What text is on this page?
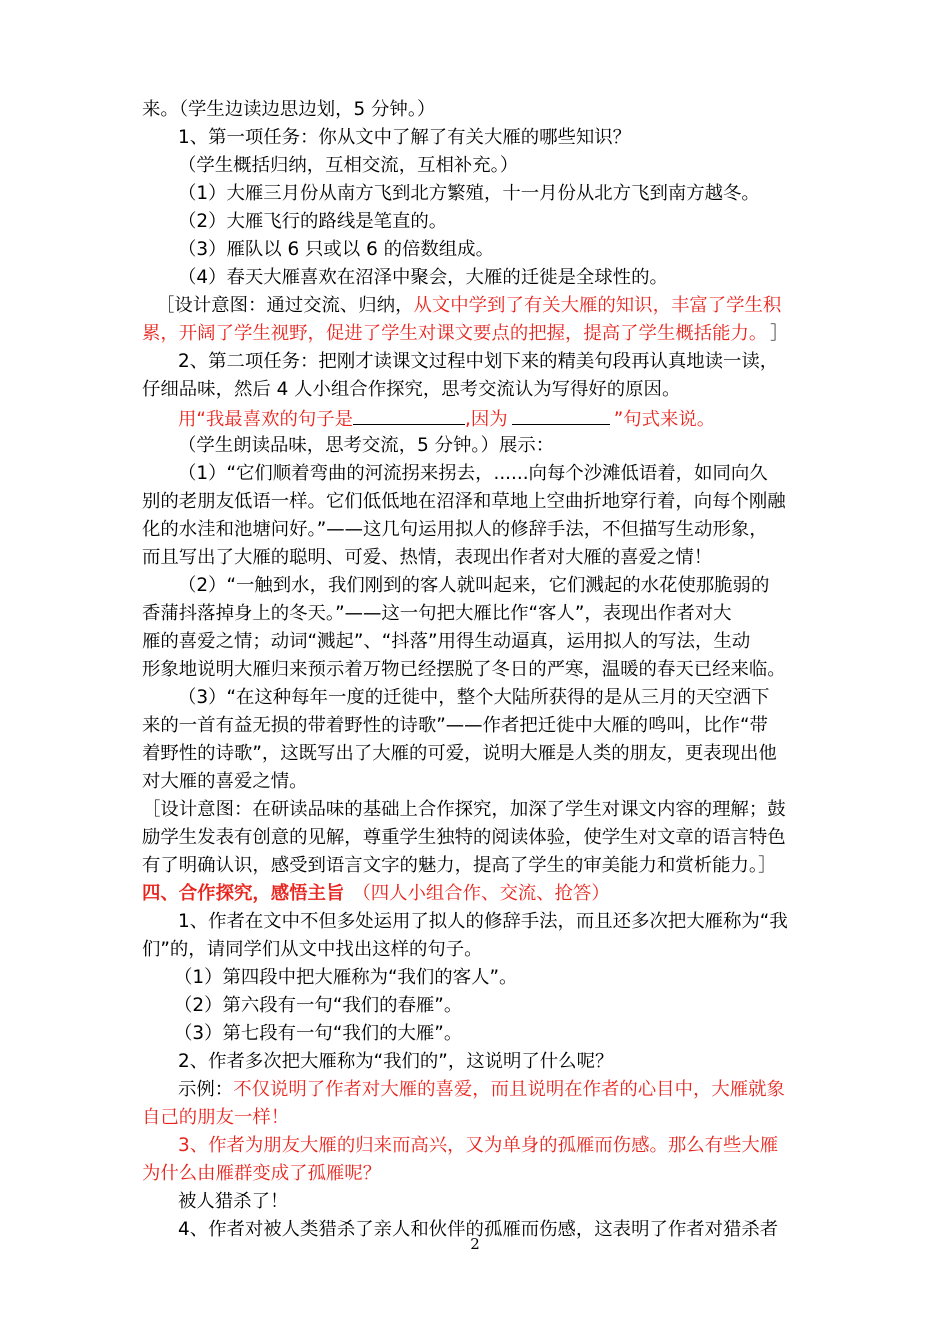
来。（学生边读边思边划，5 分钟。）
1、第一项任务：你从文中了解了有关大雁的哪些知识？
（学生概括归纳，互相交流，互相补充。）
（1）大雁三月份从南方飞到北方繁殖，十一月份从北方飞到南方越冬。
（2）大雁飞行的路线是笔直的。
（3）雁队以 6 只或以 6 的倍数组成。
（4）春天大雁喜欢在沼泽中聚会，大雁的迁徙是全球性的。
［设计意图：通过交流、归纳，从文中学到了有关大雁的知识，丰富了学生积
累，开阔了学生视野，促进了学生对课文要点的把握，提高了学生概括能力。 ］
2、第二项任务：把刚才读课文过程中划下来的精美句段再认真地读一读，
仔细品味，然后 4 人小组合作探究，思考交流认为写得好的原因。
用“我最喜欢的句子是	,因为	”句式来说。
（学生朗读品味，思考交流，5 分钟。）展示：
（1）“它们顺着弯曲的河流拐来拐去，......向每个沙滩低语着，如同向久
别的老朋友低语一样。它们低低地在沼泽和草地上空曲折地穿行着，向每个刚融
化的水洼和池塘问好。”——这几句运用拟人的修辞手法，不但描写生动形象，
而且写出了大雁的聪明、可爱、热情，表现出作者对大雁的喜爱之情！
（2）“一触到水，我们刚到的客人就叫起来，它们溅起的水花使那脆弱的
香蒲抖落掉身上的冬天。”——这一句把大雁比作“客人”，表现出作者对大
雁的喜爱之情；动词“溅起”、“抖落”用得生动逼真，运用拟人的写法，生动
形象地说明大雁归来预示着万物已经摆脱了冬日的严寒，温暖的春天已经来临。
（3）“在这种每年一度的迁徙中，整个大陆所获得的是从三月的天空洒下
来的一首有益无损的带着野性的诗歌”——作者把迁徙中大雁的鸣叫，比作“带
着野性的诗歌”，这既写出了大雁的可爱，说明大雁是人类的朋友，更表现出他
对大雁的喜爱之情。
［设计意图：在研读品味的基础上合作探究，加深了学生对课文内容的理解；鼓
励学生发表有创意的见解，尊重学生独特的阅读体验，使学生对文章的语言特色
有了明确认识，感受到语言文字的魅力，提高了学生的审美能力和赏析能力。］
四、合作探究，感悟主旨 （四人小组合作、交流、抢答）
1、作者在文中不但多处运用了拟人的修辞手法，而且还多次把大雁称为“我
们”的，请同学们从文中找出这样的句子。
（1）第四段中把大雁称为“我们的客人”。
（2）第六段有一句“我们的春雁”。
（3）第七段有一句“我们的大雁”。
2、作者多次把大雁称为“我们的”，这说明了什么呢？
示例：不仅说明了作者对大雁的喜爱，而且说明在作者的心目中，大雁就象
自己的朋友一样！
3、作者为朋友大雁的归来而高兴，又为单身的孤雁而伤感。那么有些大雁
为什么由雁群变成了孤雁呢？
被人猎杀了！
4、作者对被人类猎杀了亲人和伙伴的孤雁而伤感，这表明了作者对猎杀者
2
